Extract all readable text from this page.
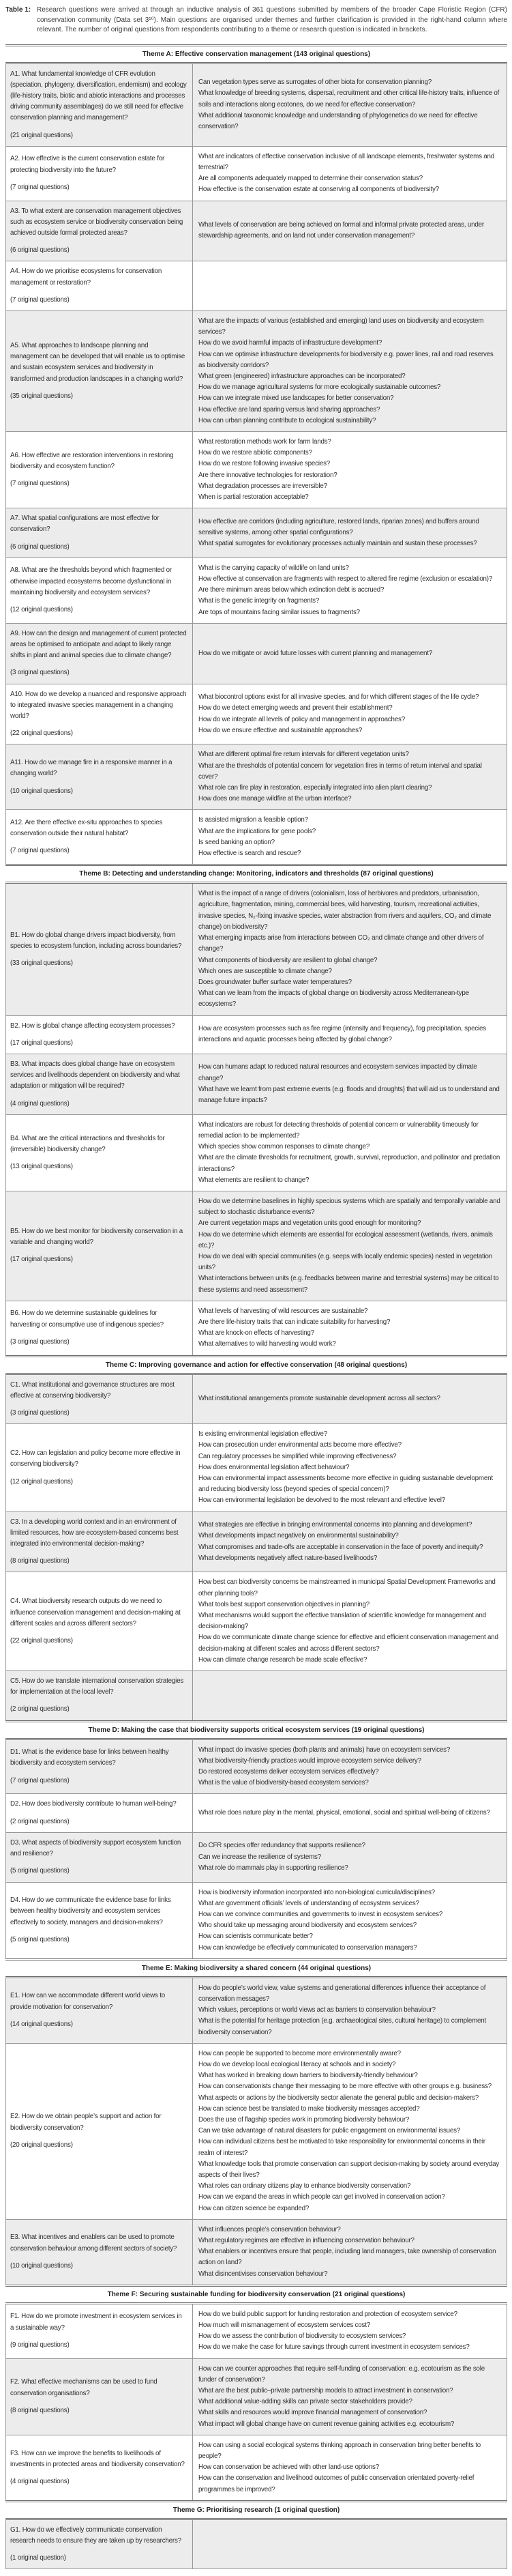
Table 1: Research questions were arrived at through an inductive analysis of 361 questions submitted by members of the broader Cape Floristic Region (CFR) conservation community (Data set 3¹⁰). Main questions are organised under themes and further clarification is provided in the right-hand column where relevant. The number of original questions from respondents contributing to a theme or research question is indicated in brackets.
Theme A: Effective conservation management (143 original questions)
A1. What fundamental knowledge of CFR evolution (speciation, phylogeny, diversification, endemism) and ecology (life-history traits, biotic and abiotic interactions and processes driving community assemblages) do we still need for effective conservation planning and management?
(21 original questions)
Can vegetation types serve as surrogates of other biota for conservation planning?
What knowledge of breeding systems, dispersal, recruitment and other critical life-history traits, influence of soils and interactions along ecotones, do we need for effective conservation?
What additional taxonomic knowledge and understanding of phylogenetics do we need for effective conservation?
A2. How effective is the current conservation estate for protecting biodiversity into the future?
(7 original questions)
What are indicators of effective conservation inclusive of all landscape elements, freshwater systems and terrestrial?
Are all components adequately mapped to determine their conservation status?
How effective is the conservation estate at conserving all components of biodiversity?
A3. To what extent are conservation management objectives such as ecosystem service or biodiversity conservation being achieved outside formal protected areas?
(6 original questions)
What levels of conservation are being achieved on formal and informal private protected areas, under stewardship agreements, and on land not under conservation management?
A4. How do we prioritise ecosystems for conservation management or restoration?
(7 original questions)
A5. What approaches to landscape planning and management can be developed that will enable us to optimise and sustain ecosystem services and biodiversity in transformed and production landscapes in a changing world?
(35 original questions)
What are the impacts of various (established and emerging) land uses on biodiversity and ecosystem services?
How do we avoid harmful impacts of infrastructure development?
How can we optimise infrastructure developments for biodiversity e.g. power lines, rail and road reserves as biodiversity corridors?
What green (engineered) infrastructure approaches can be incorporated?
How do we manage agricultural systems for more ecologically sustainable outcomes?
How can we integrate mixed use landscapes for better conservation?
How effective are land sparing versus land sharing approaches?
How can urban planning contribute to ecological sustainability?
A6. How effective are restoration interventions in restoring biodiversity and ecosystem function?
(7 original questions)
What restoration methods work for farm lands?
How do we restore abiotic components?
How do we restore following invasive species?
Are there innovative technologies for restoration?
What degradation processes are irreversible?
When is partial restoration acceptable?
A7. What spatial configurations are most effective for conservation?
(6 original questions)
How effective are corridors (including agriculture, restored lands, riparian zones) and buffers around sensitive systems, among other spatial configurations?
What spatial surrogates for evolutionary processes actually maintain and sustain these processes?
A8. What are the thresholds beyond which fragmented or otherwise impacted ecosystems become dysfunctional in maintaining biodiversity and ecosystem services?
(12 original questions)
What is the carrying capacity of wildlife on land units?
How effective at conservation are fragments with respect to altered fire regime (exclusion or escalation)?
Are there minimum areas below which extinction debt is accrued?
What is the genetic integrity on fragments?
Are tops of mountains facing similar issues to fragments?
A9. How can the design and management of current protected areas be optimised to anticipate and adapt to likely range shifts in plant and animal species due to climate change?
(3 original questions)
How do we mitigate or avoid future losses with current planning and management?
A10. How do we develop a nuanced and responsive approach to integrated invasive species management in a changing world?
(22 original questions)
What biocontrol options exist for all invasive species, and for which different stages of the life cycle?
How do we detect emerging weeds and prevent their establishment?
How do we integrate all levels of policy and management in approaches?
How do we ensure effective and sustainable approaches?
A11. How do we manage fire in a responsive manner in a changing world?
(10 original questions)
What are different optimal fire return intervals for different vegetation units?
What are the thresholds of potential concern for vegetation fires in terms of return interval and spatial cover?
What role can fire play in restoration, especially integrated into alien plant clearing?
How does one manage wildfire at the urban interface?
A12. Are there effective ex-situ approaches to species conservation outside their natural habitat?
(7 original questions)
Is assisted migration a feasible option?
What are the implications for gene pools?
Is seed banking an option?
How effective is search and rescue?
Theme B: Detecting and understanding change: Monitoring, indicators and thresholds (87 original questions)
B1. How do global change drivers impact biodiversity, from species to ecosystem function, including across boundaries?
(33 original questions)
What is the impact of a range of drivers (colonialism, loss of herbivores and predators, urbanisation, agriculture, fragmentation, mining, commercial bees, wild harvesting, tourism, recreational activities, invasive species, N₂-fixing invasive species, water abstraction from rivers and aquifers, CO₂ and climate change) on biodiversity?
What emerging impacts arise from interactions between CO₂ and climate change and other drivers of change?
What components of biodiversity are resilient to global change?
Which ones are susceptible to climate change?
Does groundwater buffer surface water temperatures?
What can we learn from the impacts of global change on biodiversity across Mediterranean-type ecosystems?
B2. How is global change affecting ecosystem processes?
(17 original questions)
How are ecosystem processes such as fire regime (intensity and frequency), fog precipitation, species interactions and aquatic processes being affected by global change?
B3. What impacts does global change have on ecosystem services and livelihoods dependent on biodiversity and what adaptation or mitigation will be required?
(4 original questions)
How can humans adapt to reduced natural resources and ecosystem services impacted by climate change?
What have we learnt from past extreme events (e.g. floods and droughts) that will aid us to understand and manage future impacts?
B4. What are the critical interactions and thresholds for (irreversible) biodiversity change?
(13 original questions)
What indicators are robust for detecting thresholds of potential concern or vulnerability timeously for remedial action to be implemented?
Which species show common responses to climate change?
What are the climate thresholds for recruitment, growth, survival, reproduction, and pollinator and predation interactions?
What elements are resilient to change?
B5. How do we best monitor for biodiversity conservation in a variable and changing world?
(17 original questions)
How do we determine baselines in highly specious systems which are spatially and temporally variable and subject to stochastic disturbance events?
Are current vegetation maps and vegetation units good enough for monitoring?
How do we determine which elements are essential for ecological assessment (wetlands, rivers, animals etc.)?
How do we deal with special communities (e.g. seeps with locally endemic species) nested in vegetation units?
What interactions between units (e.g. feedbacks between marine and terrestrial systems) may be critical to these systems and need assessment?
B6. How do we determine sustainable guidelines for harvesting or consumptive use of indigenous species?
(3 original questions)
What levels of harvesting of wild resources are sustainable?
Are there life-history traits that can indicate suitability for harvesting?
What are knock-on effects of harvesting?
What alternatives to wild harvesting would work?
Theme C: Improving governance and action for effective conservation (48 original questions)
C1. What institutional and governance structures are most effective at conserving biodiversity?
(3 original questions)
What institutional arrangements promote sustainable development across all sectors?
C2. How can legislation and policy become more effective in conserving biodiversity?
(12 original questions)
Is existing environmental legislation effective?
How can prosecution under environmental acts become more effective?
Can regulatory processes be simplified while improving effectiveness?
How does environmental legislation affect behaviour?
How can environmental impact assessments become more effective in guiding sustainable development and reducing biodiversity loss (beyond species of special concern)?
How can environmental legislation be devolved to the most relevant and effective level?
C3. In a developing world context and in an environment of limited resources, how are ecosystem-based concerns best integrated into environmental decision-making?
(8 original questions)
What strategies are effective in bringing environmental concerns into planning and development?
What developments impact negatively on environmental sustainability?
What compromises and trade-offs are acceptable in conservation in the face of poverty and inequity?
What developments negatively affect nature-based livelihoods?
C4. What biodiversity research outputs do we need to influence conservation management and decision-making at different scales and across different sectors?
(22 original questions)
How best can biodiversity concerns be mainstreamed in municipal Spatial Development Frameworks and other planning tools?
What tools best support conservation objectives in planning?
What mechanisms would support the effective translation of scientific knowledge for management and decision-making?
How do we communicate climate change science for effective and efficient conservation management and decision-making at different scales and across different sectors?
How can climate change research be made scale effective?
C5. How do we translate international conservation strategies for implementation at the local level?
(2 original questions)
Theme D: Making the case that biodiversity supports critical ecosystem services (19 original questions)
D1. What is the evidence base for links between healthy biodiversity and ecosystem services?
(7 original questions)
What impact do invasive species (both plants and animals) have on ecosystem services?
What biodiversity-friendly practices would improve ecosystem service delivery?
Do restored ecosystems deliver ecosystem services effectively?
What is the value of biodiversity-based ecosystem services?
D2. How does biodiversity contribute to human well-being?
(2 original questions)
What role does nature play in the mental, physical, emotional, social and spiritual well-being of citizens?
D3. What aspects of biodiversity support ecosystem function and resilience?
(5 original questions)
Do CFR species offer redundancy that supports resilience?
Can we increase the resilience of systems?
What role do mammals play in supporting resilience?
D4. How do we communicate the evidence base for links between healthy biodiversity and ecosystem services effectively to society, managers and decision-makers?
(5 original questions)
How is biodiversity information incorporated into non-biological curricula/disciplines?
What are government officials’ levels of understanding of ecosystem services?
How can we convince communities and governments to invest in ecosystem services?
Who should take up messaging around biodiversity and ecosystem services?
How can scientists communicate better?
How can knowledge be effectively communicated to conservation managers?
Theme E: Making biodiversity a shared concern (44 original questions)
E1. How can we accommodate different world views to provide motivation for conservation?
(14 original questions)
How do people’s world view, value systems and generational differences influence their acceptance of conservation messages?
Which values, perceptions or world views act as barriers to conservation behaviour?
What is the potential for heritage protection (e.g. archaeological sites, cultural heritage) to complement biodiversity conservation?
E2. How do we obtain people’s support and action for biodiversity conservation?
(20 original questions)
How can people be supported to become more environmentally aware?
How do we develop local ecological literacy at schools and in society?
What has worked in breaking down barriers to biodiversity-friendly behaviour?
How can conservationists change their messaging to be more effective with other groups e.g. business?
What aspects or actions by the biodiversity sector alienate the general public and decision-makers?
How can science best be translated to make biodiversity messages accepted?
Does the use of flagship species work in promoting biodiversity behaviour?
Can we take advantage of natural disasters for public engagement on environmental issues?
How can individual citizens best be motivated to take responsibility for environmental concerns in their realm of interest?
What knowledge tools that promote conservation can support decision-making by society around everyday aspects of their lives?
What roles can ordinary citizens play to enhance biodiversity conservation?
How can we expand the areas in which people can get involved in conservation action?
How can citizen science be expanded?
E3. What incentives and enablers can be used to promote conservation behaviour among different sectors of society?
(10 original questions)
What influences people’s conservation behaviour?
What regulatory regimes are effective in influencing conservation behaviour?
What enablers or incentives ensure that people, including land managers, take ownership of conservation action on land?
What disincentivises conservation behaviour?
Theme F: Securing sustainable funding for biodiversity conservation (21 original questions)
F1. How do we promote investment in ecosystem services in a sustainable way?
(9 original questions)
How do we build public support for funding restoration and protection of ecosystem service?
How much will mismanagement of ecosystem services cost?
How do we assess the contribution of biodiversity to ecosystem services?
How do we make the case for future savings through current investment in ecosystem services?
F2. What effective mechanisms can be used to fund conservation organisations?
(8 original questions)
How can we counter approaches that require self-funding of conservation: e.g. ecotourism as the sole funder of conservation?
What are the best public–private partnership models to attract investment in conservation?
What additional value-adding skills can private sector stakeholders provide?
What skills and resources would improve financial management of conservation?
What impact will global change have on current revenue gaining activities e.g. ecotourism?
F3. How can we improve the benefits to livelihoods of investments in protected areas and biodiversity conservation?
(4 original questions)
How can using a social ecological systems thinking approach in conservation bring better benefits to people?
How can conservation be achieved with other land-use options?
How can the conservation and livelihood outcomes of public conservation orientated poverty-relief programmes be improved?
Theme G: Prioritising research (1 original question)
G1. How do we effectively communicate conservation research needs to ensure they are taken up by researchers?
(1 original question)
